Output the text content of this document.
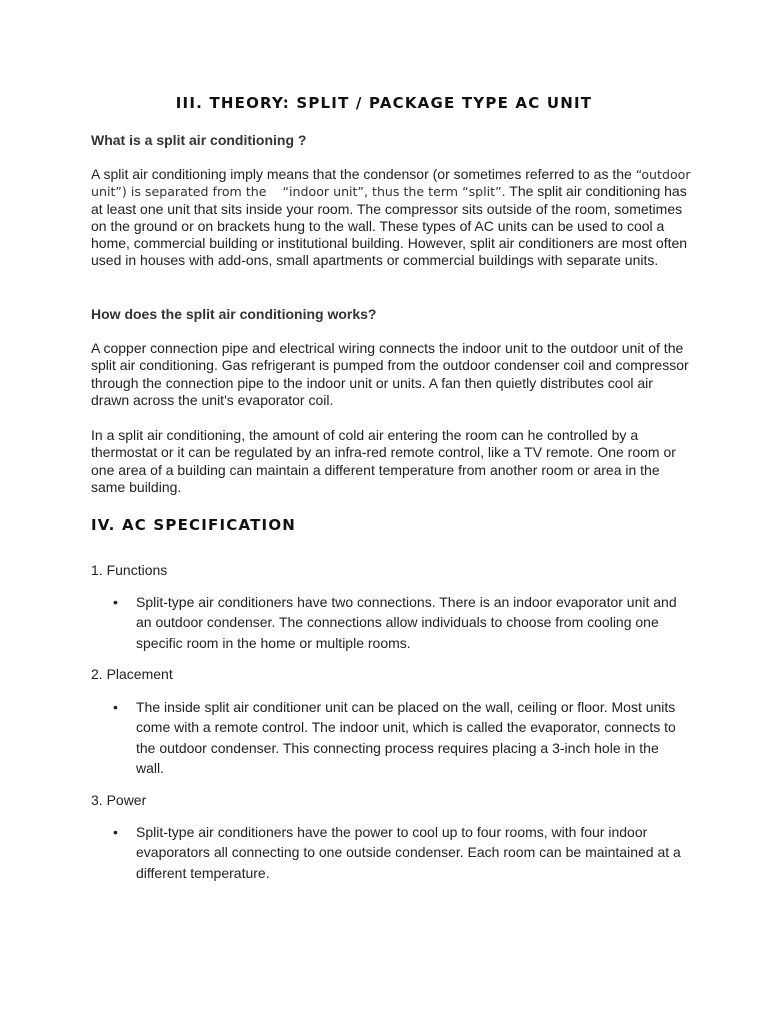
III. THEORY: SPLIT / PACKAGE TYPE AC UNIT
What is a split air conditioning ?
A split air conditioning imply means that the condensor (or sometimes referred to as the “outdoor unit”) is separated from the    “indoor unit”, thus the term “split”. The split air conditioning has at least one unit that sits inside your room. The compressor sits outside of the room, sometimes on the ground or on brackets hung to the wall. These types of AC units can be used to cool a home, commercial building or institutional building. However, split air conditioners are most often used in houses with add-ons, small apartments or commercial buildings with separate units.
How does the split air conditioning works?
A copper connection pipe and electrical wiring connects the indoor unit to the outdoor unit of the split air conditioning. Gas refrigerant is pumped from the outdoor condenser coil and compressor through the connection pipe to the indoor unit or units. A fan then quietly distributes cool air drawn across the unit's evaporator coil.
In a split air conditioning, the amount of cold air entering the room can he controlled by a thermostat or it can be regulated by an infra-red remote control, like a TV remote. One room or one area of a building can maintain a different temperature from another room or area in the same building.
IV. AC SPECIFICATION
1. Functions
• Split-type air conditioners have two connections. There is an indoor evaporator unit and an outdoor condenser. The connections allow individuals to choose from cooling one specific room in the home or multiple rooms.
2. Placement
• The inside split air conditioner unit can be placed on the wall, ceiling or floor. Most units come with a remote control. The indoor unit, which is called the evaporator, connects to the outdoor condenser. This connecting process requires placing a 3-inch hole in the wall.
3. Power
• Split-type air conditioners have the power to cool up to four rooms, with four indoor evaporators all connecting to one outside condenser. Each room can be maintained at a different temperature.
